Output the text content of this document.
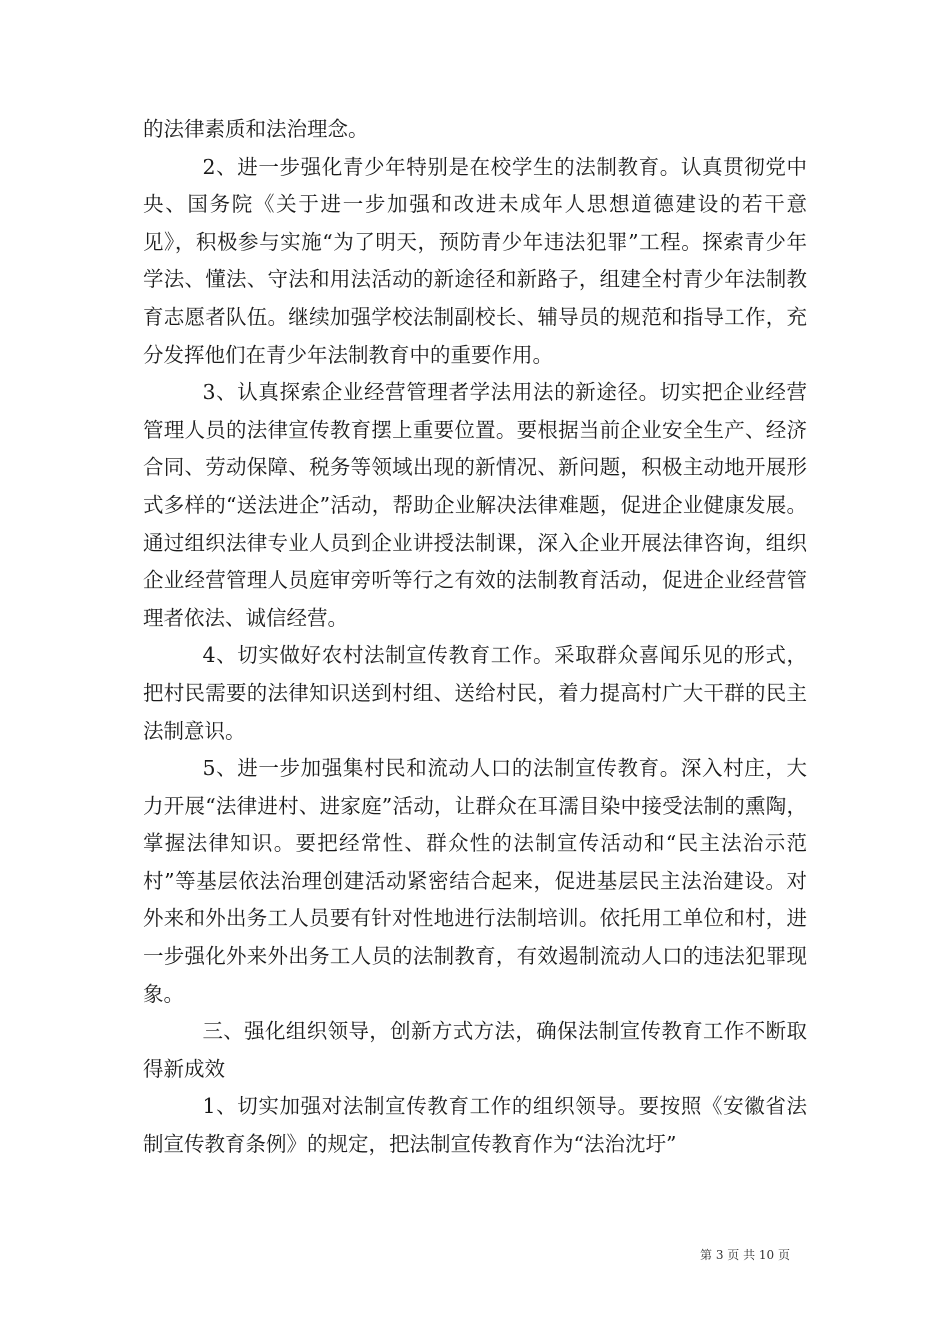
的法律素质和法治理念。

2、进一步强化青少年特别是在校学生的法制教育。认真贯彻党中央、国务院《关于进一步加强和改进未成年人思想道德建设的若干意见》，积极参与实施“为了明天，预防青少年违法犯罪”工程。探索青少年学法、懂法、守法和用法活动的新途径和新路子，组建全村青少年法制教育志愿者队伍。继续加强学校法制副校长、辅导员的规范和指导工作，充分发挥他们在青少年法制教育中的重要作用。

3、认真探索企业经营管理者学法用法的新途径。切实把企业经营管理人员的法律宣传教育摆上重要位置。要根据当前企业安全生产、经济合同、劳动保障、税务等领域出现的新情况、新问题，积极主动地开展形式多样的“送法进企”活动，帮助企业解决法律难题，促进企业健康发展。通过组织法律专业人员到企业讲授法制课，深入企业开展法律咨询，组织企业经营管理人员庭审旁听等行之有效的法制教育活动，促进企业经营管理者依法、诚信经营。

4、切实做好农村法制宣传教育工作。采取群众喜闻乐见的形式，把村民需要的法律知识送到村组、送给村民，着力提高村广大干群的民主法制意识。

5、进一步加强集村民和流动人口的法制宣传教育。深入村庄，大力开展“法律进村、进家庭”活动，让群众在耳濡目染中接受法制的熏陶，掌握法律知识。要把经常性、群众性的法制宣传活动和“民主法治示范村”等基层依法治理创建活动紧密结合起来，促进基层民主法治建设。对外来和外出务工人员要有针对性地进行法制培训。依托用工单位和村，进一步强化外来外出务工人员的法制教育，有效遏制流动人口的违法犯罪现象。

三、强化组织领导，创新方式方法，确保法制宣传教育工作不断取得新成效

1、切实加强对法制宣传教育工作的组织领导。要按照《安徽省法制宣传教育条例》的规定，把法制宣传教育作为“法治沈圩”

第 3 页 共 10 页
